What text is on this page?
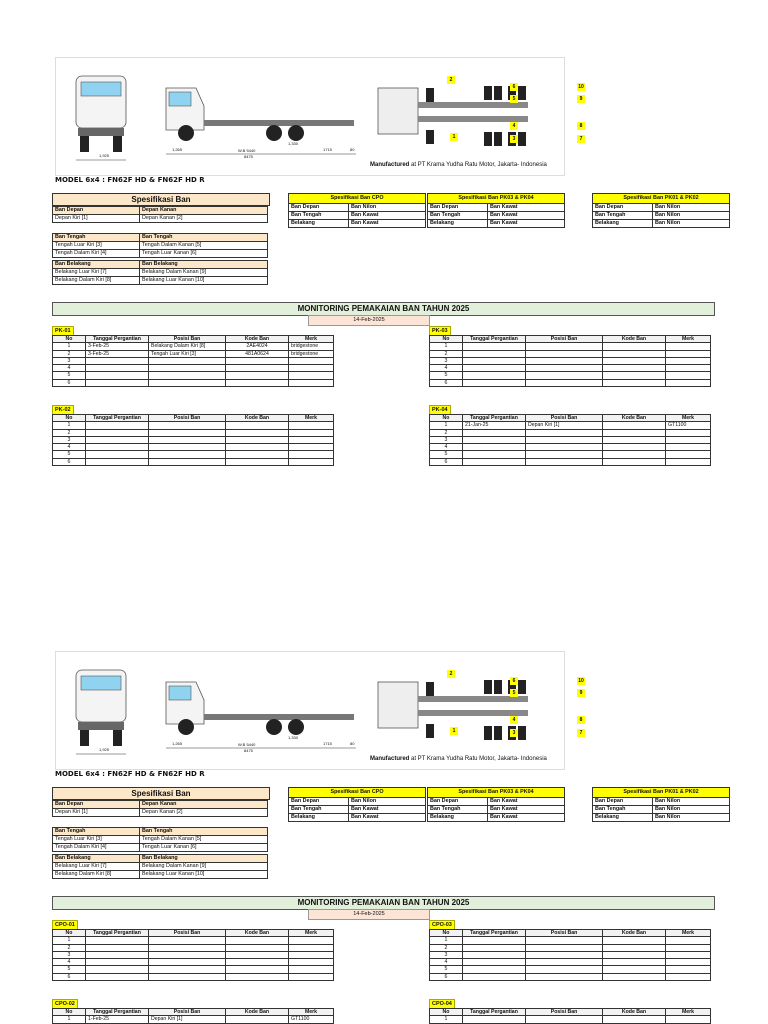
1
2
3
4
5
6
7
8
9
10
1,925
1,265	W.B 5440
8475
1,330
1715	80
Manufactured at PT Krama Yudha Ratu Motor, Jakarta- Indonesia
MODEL 6x4 : FN62F HD & FN62F HD R
Spesifikasi Ban
Ban Depan	Depan Kanan
Depan Kiri [1]	Depan Kanan [2]
Ban Tengah	Ban Tengah
Tengah Luar Kiri [3]	Tengah Dalam Kanan [5]
Tengah Dalam Kiri [4]	Tengah Luar Kanan [6]
Ban Belakang	Ban Belakang
Belakang Luar Kiri [7]	Belakang Dalam Kanan [9]
Belakang Dalam Kiri [8]	Belakang Luar Kanan [10]
Spesifikasi Ban CPO	
Ban Depan	Ban Nilon
Ban Tengah	Ban Kawat
Belakang	Ban Kawat
Spesifikasi Ban PK03 & PK04	
Ban Depan	Ban Kawat
Ban Tengah	Ban Kawat
Belakang	Ban Kawat
Spesifikasi Ban PK01 & PK02	
Ban Depan	Ban Nilon
Ban Tengah	Ban Nilon
Belakang	Ban Nilon
MONITORING PEMAKAIAN BAN TAHUN 2025
14-Feb-2025
PK-01
No	Tanggal Pergantian	Posisi Ban	Kode Ban	Merk
1	3-Feb-25	Belakang Dalam Kiri [8]	2AE4024	bridgestone
2	3-Feb-25	Tengah Luar Kiri [3]	481A0624	bridgestone
3				
4				
5				
6				
PK-03
No	Tanggal Pergantian	Posisi Ban	Kode Ban	Merk
1				
2				
3				
4				
5				
6				
PK-02
No	Tanggal Pergantian	Posisi Ban	Kode Ban	Merk
1				
2				
3				
4				
5				
6				
PK-04
No	Tanggal Pergantian	Posisi Ban	Kode Ban	Merk
1	21-Jan-25	Depan Kiri [1]		GT1100
2				
3				
4				
5				
6				
1
2
3
4
5
6
7
8
9
10
1,925
1,265	W.B 5440
8475
1,330
1715	80
Manufactured at PT Krama Yudha Ratu Motor, Jakarta- Indonesia
MODEL 6x4 : FN62F HD & FN62F HD R
Spesifikasi Ban
Ban Depan	Depan Kanan
Depan Kiri [1]	Depan Kanan [2]
Ban Tengah	Ban Tengah
Tengah Luar Kiri [3]	Tengah Dalam Kanan [5]
Tengah Dalam Kiri [4]	Tengah Luar Kanan [6]
Ban Belakang	Ban Belakang
Belakang Luar Kiri [7]	Belakang Dalam Kanan [9]
Belakang Dalam Kiri [8]	Belakang Luar Kanan [10]
Spesifikasi Ban CPO	
Ban Depan	Ban Nilon
Ban Tengah	Ban Kawat
Belakang	Ban Kawat
Spesifikasi Ban PK03 & PK04	
Ban Depan	Ban Kawat
Ban Tengah	Ban Kawat
Belakang	Ban Kawat
Spesifikasi Ban PK01 & PK02	
Ban Depan	Ban Nilon
Ban Tengah	Ban Nilon
Belakang	Ban Nilon
MONITORING PEMAKAIAN BAN TAHUN 2025
14-Feb-2025
CPO-01
No	Tanggal Pergantian	Posisi Ban	Kode Ban	Merk
1				
2				
3				
4				
5				
6				
CPO-03
No	Tanggal Pergantian	Posisi Ban	Kode Ban	Merk
1				
2				
3				
4				
5				
6				
CPO-02
No	Tanggal Pergantian	Posisi Ban	Kode Ban	Merk
1	1-Feb-25	Depan Kiri [1]		GT1100
CPO-04
No	Tanggal Pergantian	Posisi Ban	Kode Ban	Merk
1				
